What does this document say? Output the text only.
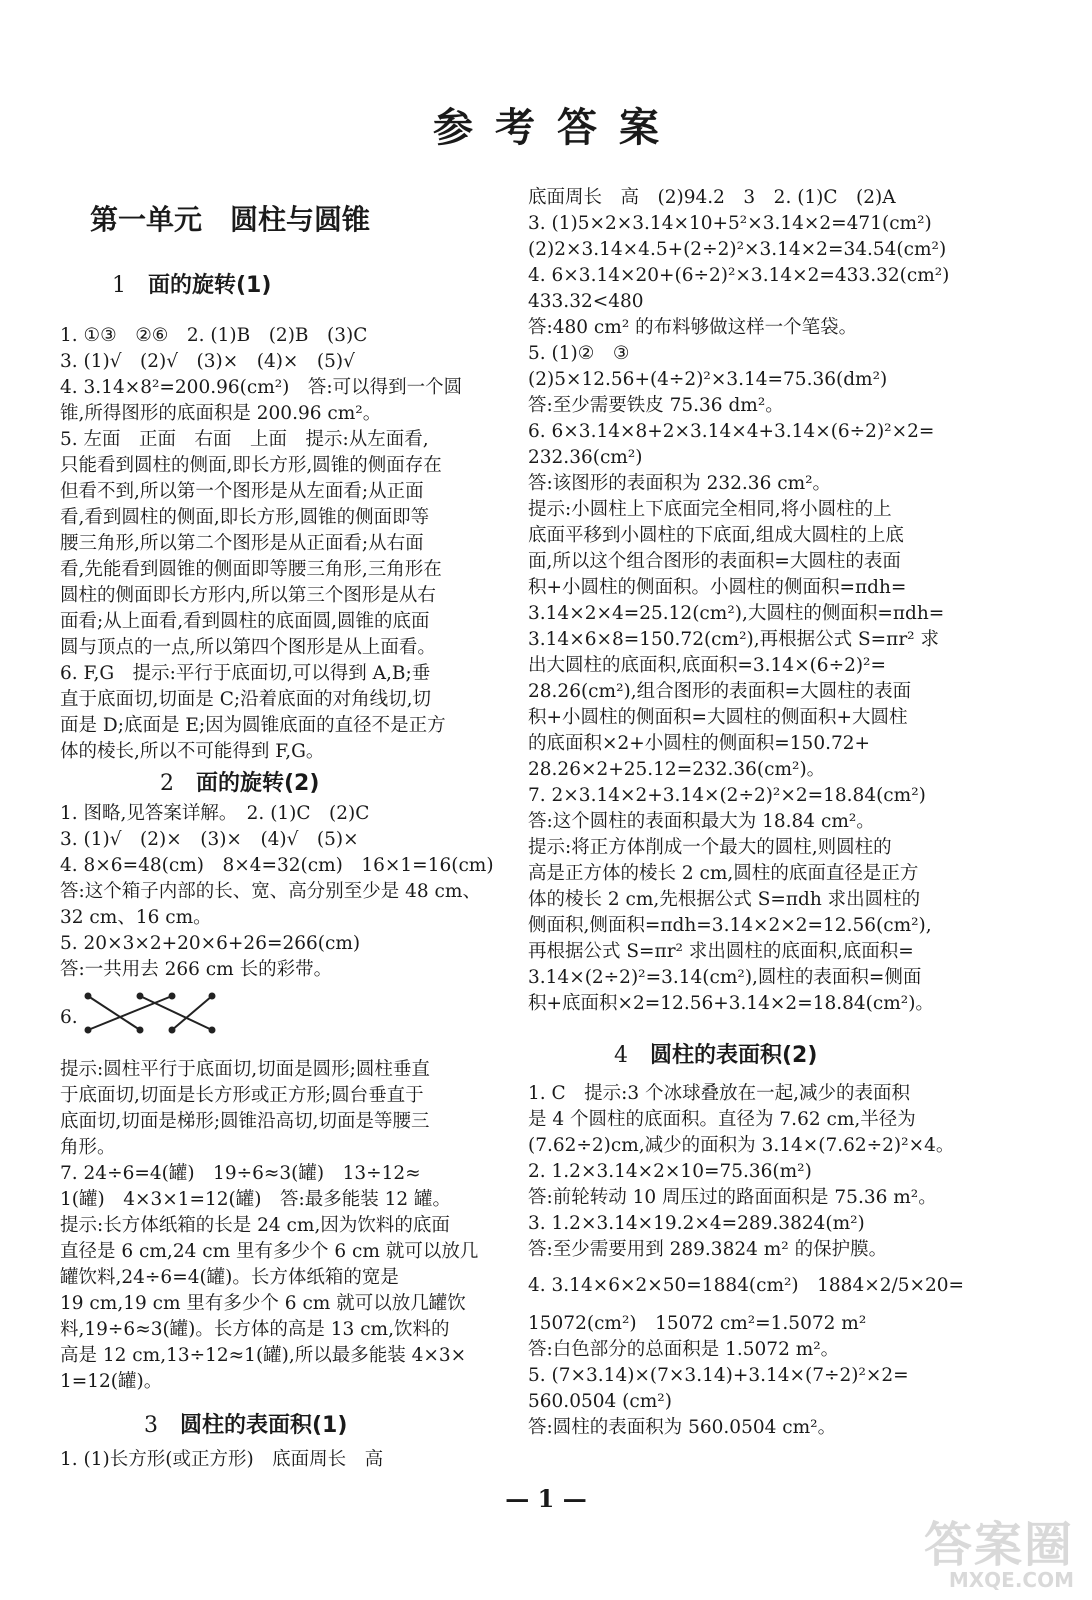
参考答案
第一单元　圆柱与圆锥
1 面的旋转(1)
1. ①③　②⑥　2. (1)B　(2)B　(3)C
3. (1)√　(2)√　(3)×　(4)×　(5)√
4. 3.14×8²=200.96(cm²)　答:可以得到一个圆
锥,所得图形的底面积是 200.96 cm²。
5. 左面　正面　右面　上面　提示:从左面看,
只能看到圆柱的侧面,即长方形,圆锥的侧面存在
但看不到,所以第一个图形是从左面看;从正面
看,看到圆柱的侧面,即长方形,圆锥的侧面即等
腰三角形,所以第二个图形是从正面看;从右面
看,先能看到圆锥的侧面即等腰三角形,三角形在
圆柱的侧面即长方形内,所以第三个图形是从右
面看;从上面看,看到圆柱的底面圆,圆锥的底面
圆与顶点的一点,所以第四个图形是从上面看。
6. F,G　提示:平行于底面切,可以得到 A,B;垂
直于底面切,切面是 C;沿着底面的对角线切,切
面是 D;底面是 E;因为圆锥底面的直径不是正方
体的棱长,所以不可能得到 F,G。
2 面的旋转(2)
1. 图略,见答案详解。　2. (1)C　(2)C
3. (1)√　(2)×　(3)×　(4)√　(5)×
4. 8×6=48(cm)　8×4=32(cm)　16×1=16(cm)
答:这个箱子内部的长、宽、高分别至少是 48 cm、
32 cm、16 cm。
5. 20×3×2+20×6+26=266(cm)
答:一共用去 266 cm 长的彩带。
6.
提示:圆柱平行于底面切,切面是圆形;圆柱垂直
于底面切,切面是长方形或正方形;圆台垂直于
底面切,切面是梯形;圆锥沿高切,切面是等腰三
角形。
7. 24÷6=4(罐)　19÷6≈3(罐)　13÷12≈
1(罐)　4×3×1=12(罐)　答:最多能装 12 罐。
提示:长方体纸箱的长是 24 cm,因为饮料的底面
直径是 6 cm,24 cm 里有多少个 6 cm 就可以放几
罐饮料,24÷6=4(罐)。长方体纸箱的宽是
19 cm,19 cm 里有多少个 6 cm 就可以放几罐饮
料,19÷6≈3(罐)。长方体的高是 13 cm,饮料的
高是 12 cm,13÷12≈1(罐),所以最多能装 4×3×
1=12(罐)。
3 圆柱的表面积(1)
1. (1)长方形(或正方形)　底面周长　高
底面周长　高　(2)94.2　3　2. (1)C　(2)A
3. (1)5×2×3.14×10+5²×3.14×2=471(cm²)
(2)2×3.14×4.5+(2÷2)²×3.14×2=34.54(cm²)
4. 6×3.14×20+(6÷2)²×3.14×2=433.32(cm²)
433.32<480
答:480 cm² 的布料够做这样一个笔袋。
5. (1)②　③
(2)5×12.56+(4÷2)²×3.14=75.36(dm²)
答:至少需要铁皮 75.36 dm²。
6. 6×3.14×8+2×3.14×4+3.14×(6÷2)²×2=
232.36(cm²)
答:该图形的表面积为 232.36 cm²。
提示:小圆柱上下底面完全相同,将小圆柱的上
底面平移到小圆柱的下底面,组成大圆柱的上底
面,所以这个组合图形的表面积=大圆柱的表面
积+小圆柱的侧面积。小圆柱的侧面积=πdh=
3.14×2×4=25.12(cm²),大圆柱的侧面积=πdh=
3.14×6×8=150.72(cm²),再根据公式 S=πr² 求
出大圆柱的底面积,底面积=3.14×(6÷2)²=
28.26(cm²),组合图形的表面积=大圆柱的表面
积+小圆柱的侧面积=大圆柱的侧面积+大圆柱
的底面积×2+小圆柱的侧面积=150.72+
28.26×2+25.12=232.36(cm²)。
7. 2×3.14×2+3.14×(2÷2)²×2=18.84(cm²)
答:这个圆柱的表面积最大为 18.84 cm²。
提示:将正方体削成一个最大的圆柱,则圆柱的
高是正方体的棱长 2 cm,圆柱的底面直径是正方
体的棱长 2 cm,先根据公式 S=πdh 求出圆柱的
侧面积,侧面积=πdh=3.14×2×2=12.56(cm²),
再根据公式 S=πr² 求出圆柱的底面积,底面积=
3.14×(2÷2)²=3.14(cm²),圆柱的表面积=侧面
积+底面积×2=12.56+3.14×2=18.84(cm²)。
4 圆柱的表面积(2)
1. C　提示:3 个冰球叠放在一起,减少的表面积
是 4 个圆柱的底面积。直径为 7.62 cm,半径为
(7.62÷2)cm,减少的面积为 3.14×(7.62÷2)²×4。
2. 1.2×3.14×2×10=75.36(m²)
答:前轮转动 10 周压过的路面面积是 75.36 m²。
3. 1.2×3.14×19.2×4=289.3824(m²)
答:至少需要用到 289.3824 m² 的保护膜。
4. 3.14×6×2×50=1884(cm²)　1884×2/5×20=
15072(cm²)　15072 cm²=1.5072 m²
答:白色部分的总面积是 1.5072 m²。
5. (7×3.14)×(7×3.14)+3.14×(7÷2)²×2=
560.0504 (cm²)
答:圆柱的表面积为 560.0504 cm²。
— 1 —
答案圈
MXQE.COM
